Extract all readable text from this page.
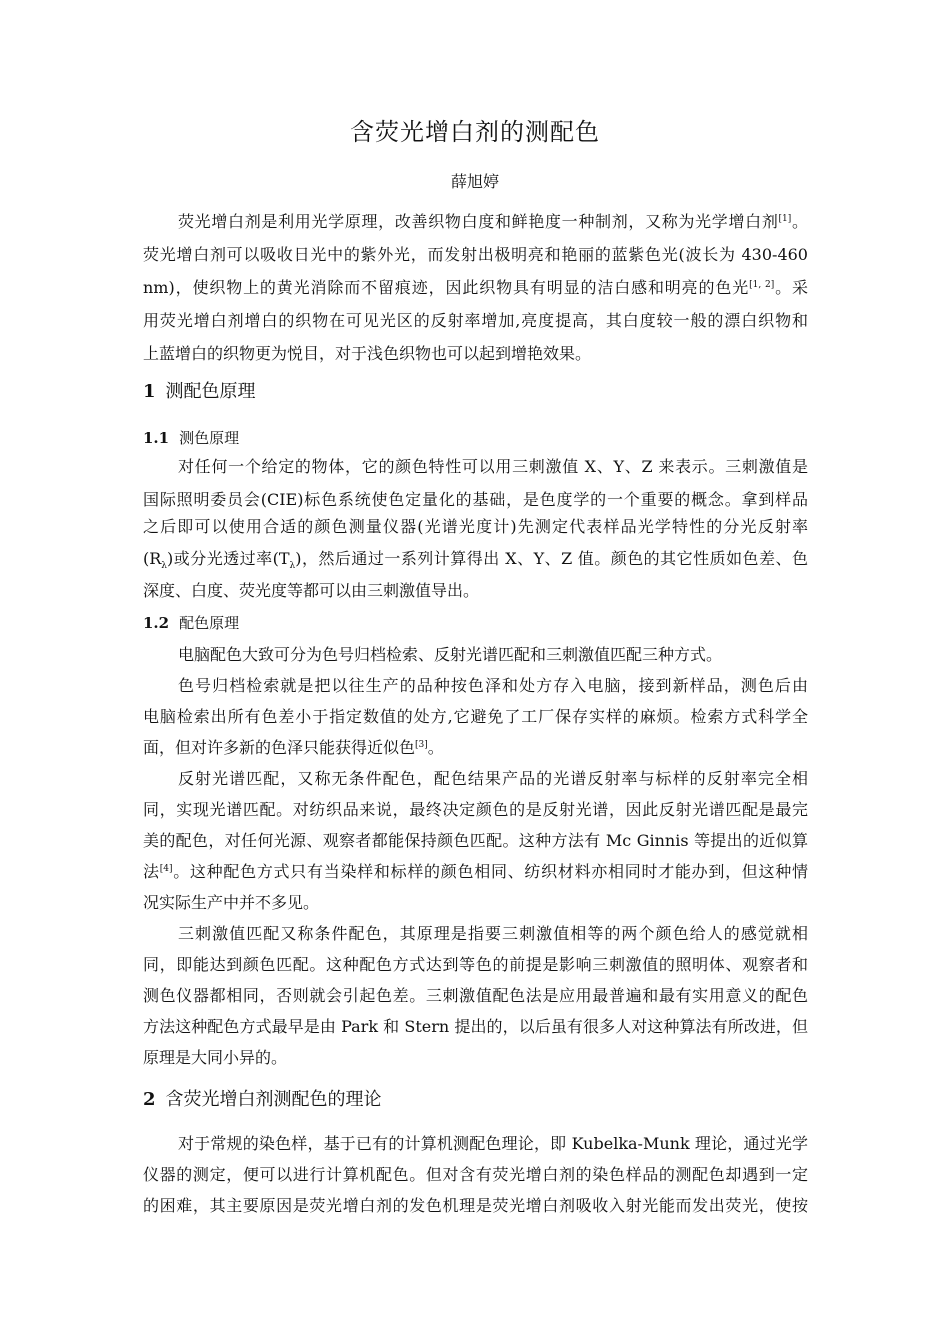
含荧光增白剂的测配色
薛旭婷
荧光增白剂是利用光学原理，改善织物白度和鲜艳度一种制剂，又称为光学增白剂[1]。
荧光增白剂可以吸收日光中的紫外光，而发射出极明亮和艳丽的蓝紫色光(波长为 430-460
nm)，使织物上的黄光消除而不留痕迹，因此织物具有明显的洁白感和明亮的色光[1, 2]。采
用荧光增白剂增白的织物在可见光区的反射率增加,亮度提高，其白度较一般的漂白织物和
上蓝增白的织物更为悦目，对于浅色织物也可以起到增艳效果。
1 测配色原理
1.1 测色原理
对任何一个给定的物体，它的颜色特性可以用三刺激值 X、Y、Z 来表示。三刺激值是
国际照明委员会(CIE)标色系统使色定量化的基础，是色度学的一个重要的概念。拿到样品
之后即可以使用合适的颜色测量仪器(光谱光度计)先测定代表样品光学特性的分光反射率
$(R_\lambda)$或分光透过率$(T_\lambda)$，然后通过一系列计算得出 X、Y、Z 值。颜色的其它性质如色差、色
深度、白度、荧光度等都可以由三刺激值导出。
1.2 配色原理
电脑配色大致可分为色号归档检索、反射光谱匹配和三刺激值匹配三种方式。
色号归档检索就是把以往生产的品种按色泽和处方存入电脑，接到新样品，测色后由
电脑检索出所有色差小于指定数值的处方,它避免了工厂保存实样的麻烦。检索方式科学全
面，但对许多新的色泽只能获得近似色[3]。
反射光谱匹配，又称无条件配色，配色结果产品的光谱反射率与标样的反射率完全相
同，实现光谱匹配。对纺织品来说，最终决定颜色的是反射光谱，因此反射光谱匹配是最完
美的配色，对任何光源、观察者都能保持颜色匹配。这种方法有 Mc Ginnis 等提出的近似算
法[4]。这种配色方式只有当染样和标样的颜色相同、纺织材料亦相同时才能办到，但这种情
况实际生产中并不多见。
三刺激值匹配又称条件配色，其原理是指要三刺激值相等的两个颜色给人的感觉就相
同，即能达到颜色匹配。这种配色方式达到等色的前提是影响三刺激值的照明体、观察者和
测色仪器都相同，否则就会引起色差。三刺激值配色法是应用最普遍和最有实用意义的配色
方法这种配色方式最早是由 Park 和 Stern 提出的，以后虽有很多人对这种算法有所改进，但
原理是大同小异的。
2 含荧光增白剂测配色的理论
对于常规的染色样，基于已有的计算机测配色理论，即 Kubelka-Munk 理论，通过光学
仪器的测定，便可以进行计算机配色。但对含有荧光增白剂的染色样品的测配色却遇到一定
的困难，其主要原因是荧光增白剂的发色机理是荧光增白剂吸收入射光能而发出荧光，使按
